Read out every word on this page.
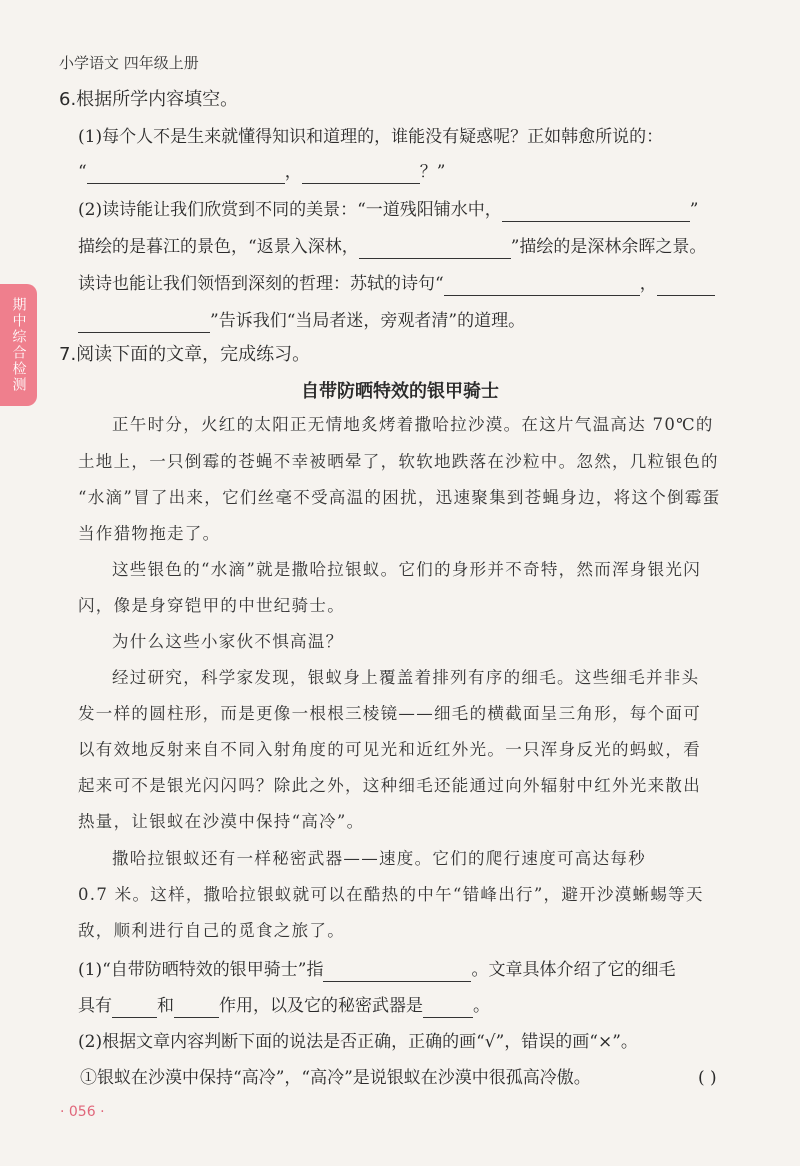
小学语文 四年级上册
期中综合检测
6.根据所学内容填空。
(1)每个人不是生来就懂得知识和道理的，谁能没有疑惑呢？正如韩愈所说的：
“	，	？”
(2)读诗能让我们欣赏到不同的美景：“一道残阳铺水中，	”
描绘的是暮江的景色，“返景入深林，	”描绘的是深林余晖之景。
读诗也能让我们领悟到深刻的哲理：苏轼的诗句“	，
”告诉我们“当局者迷，旁观者清”的道理。
7.阅读下面的文章，完成练习。
自带防晒特效的银甲骑士
正午时分，火红的太阳正无情地炙烤着撒哈拉沙漠。在这片气温高达 70℃的
土地上，一只倒霉的苍蝇不幸被晒晕了，软软地跌落在沙粒中。忽然，几粒银色的
“水滴”冒了出来，它们丝毫不受高温的困扰，迅速聚集到苍蝇身边，将这个倒霉蛋
当作猎物拖走了。
这些银色的“水滴”就是撒哈拉银蚁。它们的身形并不奇特，然而浑身银光闪
闪，像是身穿铠甲的中世纪骑士。
为什么这些小家伙不惧高温？
经过研究，科学家发现，银蚁身上覆盖着排列有序的细毛。这些细毛并非头
发一样的圆柱形，而是更像一根根三棱镜——细毛的横截面呈三角形，每个面可
以有效地反射来自不同入射角度的可见光和近红外光。一只浑身反光的蚂蚁，看
起来可不是银光闪闪吗？除此之外，这种细毛还能通过向外辐射中红外光来散出
热量，让银蚁在沙漠中保持“高冷”。
撒哈拉银蚁还有一样秘密武器——速度。它们的爬行速度可高达每秒
0.7 米。这样，撒哈拉银蚁就可以在酷热的中午“错峰出行”，避开沙漠蜥蜴等天
敌，顺利进行自己的觅食之旅了。
(1)“自带防晒特效的银甲骑士”指	。文章具体介绍了它的细毛
具有	和	作用，以及它的秘密武器是	。
(2)根据文章内容判断下面的说法是否正确，正确的画“√”，错误的画“×”。
①银蚁在沙漠中保持“高冷”，“高冷”是说银蚁在沙漠中很孤高冷傲。	( )
· 056 ·
